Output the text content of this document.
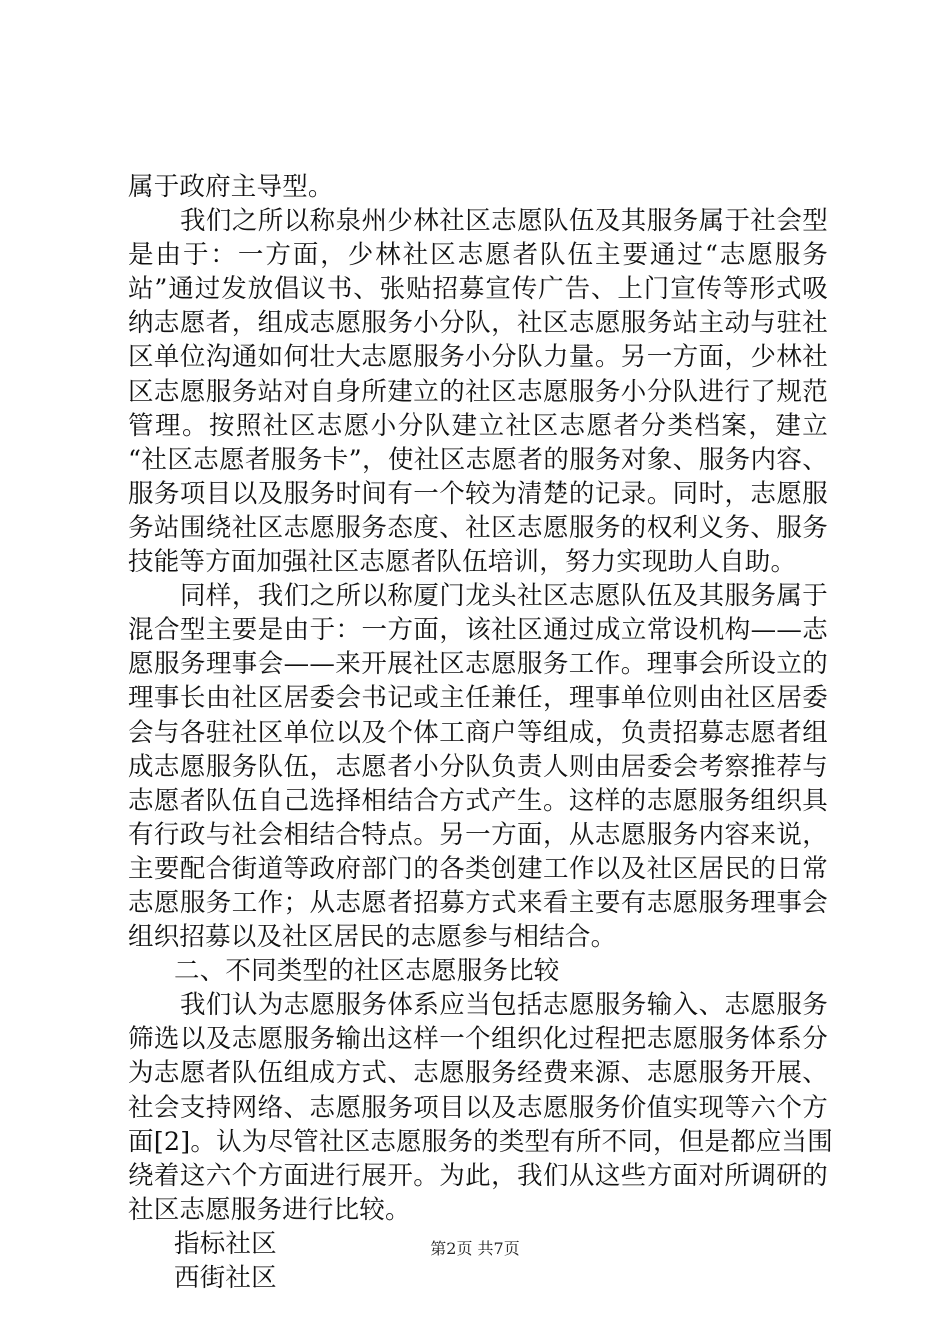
属于政府主导型。
我们之所以称泉州少林社区志愿队伍及其服务属于社会型
是由于：一方面，少林社区志愿者队伍主要通过“志愿服务
站”通过发放倡议书、张贴招募宣传广告、上门宣传等形式吸
纳志愿者，组成志愿服务小分队，社区志愿服务站主动与驻社
区单位沟通如何壮大志愿服务小分队力量。另一方面，少林社
区志愿服务站对自身所建立的社区志愿服务小分队进行了规范
管理。按照社区志愿小分队建立社区志愿者分类档案，建立
“社区志愿者服务卡”，使社区志愿者的服务对象、服务内容、
服务项目以及服务时间有一个较为清楚的记录。同时，志愿服
务站围绕社区志愿服务态度、社区志愿服务的权利义务、服务
技能等方面加强社区志愿者队伍培训，努力实现助人自助。
同样，我们之所以称厦门龙头社区志愿队伍及其服务属于
混合型主要是由于：一方面，该社区通过成立常设机构——志
愿服务理事会——来开展社区志愿服务工作。理事会所设立的
理事长由社区居委会书记或主任兼任，理事单位则由社区居委
会与各驻社区单位以及个体工商户等组成，负责招募志愿者组
成志愿服务队伍，志愿者小分队负责人则由居委会考察推荐与
志愿者队伍自己选择相结合方式产生。这样的志愿服务组织具
有行政与社会相结合特点。另一方面，从志愿服务内容来说，
主要配合街道等政府部门的各类创建工作以及社区居民的日常
志愿服务工作；从志愿者招募方式来看主要有志愿服务理事会
组织招募以及社区居民的志愿参与相结合。
二、不同类型的社区志愿服务比较
我们认为志愿服务体系应当包括志愿服务输入、志愿服务
筛选以及志愿服务输出这样一个组织化过程把志愿服务体系分
为志愿者队伍组成方式、志愿服务经费来源、志愿服务开展、
社会支持网络、志愿服务项目以及志愿服务价值实现等六个方
面[2]。认为尽管社区志愿服务的类型有所不同，但是都应当围
绕着这六个方面进行展开。为此，我们从这些方面对所调研的
社区志愿服务进行比较。
指标社区
西街社区
第2页 共7页
